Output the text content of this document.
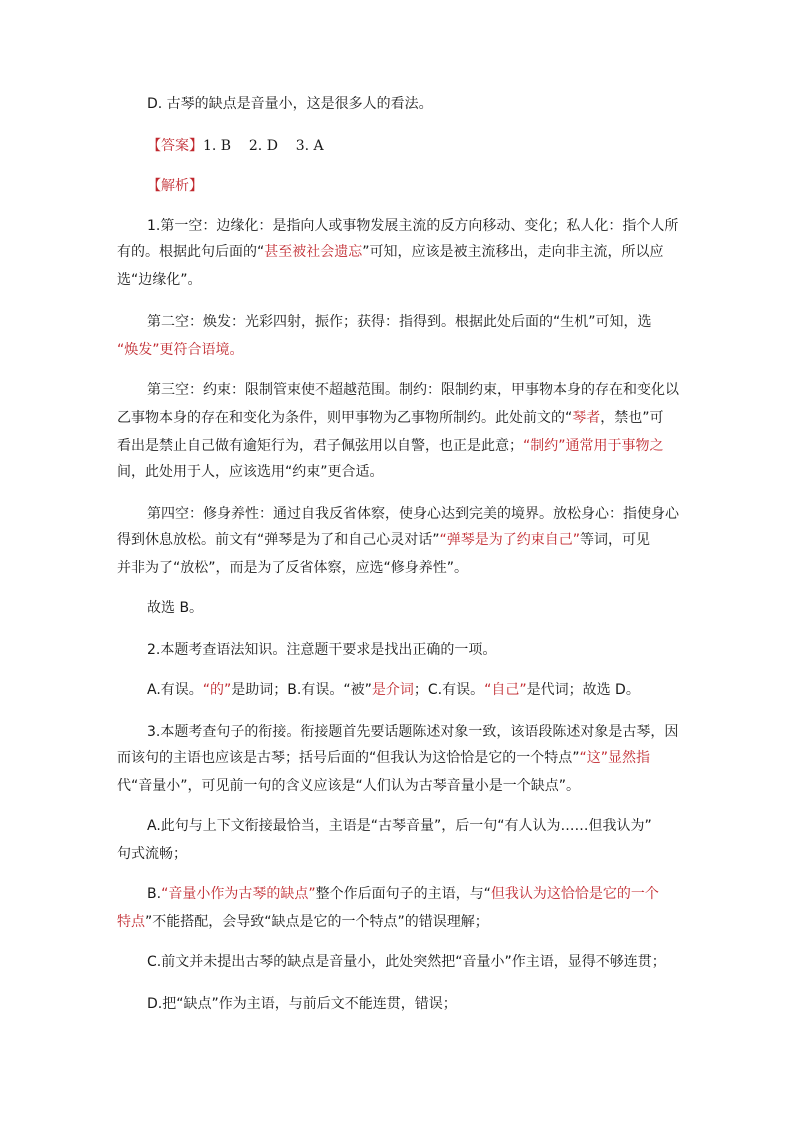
D. 古琴的缺点是音量小，这是很多人的看法。
【答案】1. B    2. D    3. A
【解析】
1.第一空：边缘化：是指向人或事物发展主流的反方向移动、变化；私人化：指个人所
有的。根据此句后面的“甚至被社会遗忘”可知，应该是被主流移出，走向非主流，所以应
选“边缘化”。
第二空：焕发：光彩四射，振作；获得：指得到。根据此处后面的“生机”可知，选
“焕发”更符合语境。
第三空：约束：限制管束使不超越范围。制约：限制约束，甲事物本身的存在和变化以
乙事物本身的存在和变化为条件，则甲事物为乙事物所制约。此处前文的“琴者，禁也”可
看出是禁止自己做有逾矩行为，君子佩弦用以自警，也正是此意；“制约”通常用于事物之
间，此处用于人，应该选用“约束”更合适。
第四空：修身养性：通过自我反省体察，使身心达到完美的境界。放松身心：指使身心
得到休息放松。前文有“弹琴是为了和自己心灵对话”“弹琴是为了约束自己”等词，可见
并非为了“放松”，而是为了反省体察，应选“修身养性”。
故选 B。
2.本题考查语法知识。注意题干要求是找出正确的一项。
A.有误。“的”是助词；B.有误。“被”是介词；C.有误。“自己”是代词；故选 D。
3.本题考查句子的衔接。衔接题首先要话题陈述对象一致，该语段陈述对象是古琴，因
而该句的主语也应该是古琴；括号后面的“但我认为这恰恰是它的一个特点”“这”显然指
代“音量小”，可见前一句的含义应该是“人们认为古琴音量小是一个缺点”。
A.此句与上下文衔接最恰当，主语是“古琴音量”，后一句“有人认为……但我认为”
句式流畅；
B.“音量小作为古琴的缺点”整个作后面句子的主语，与“但我认为这恰恰是它的一个
特点”不能搭配，会导致“缺点是它的一个特点”的错误理解；
C.前文并未提出古琴的缺点是音量小，此处突然把“音量小”作主语，显得不够连贯；
D.把“缺点”作为主语，与前后文不能连贯，错误；
